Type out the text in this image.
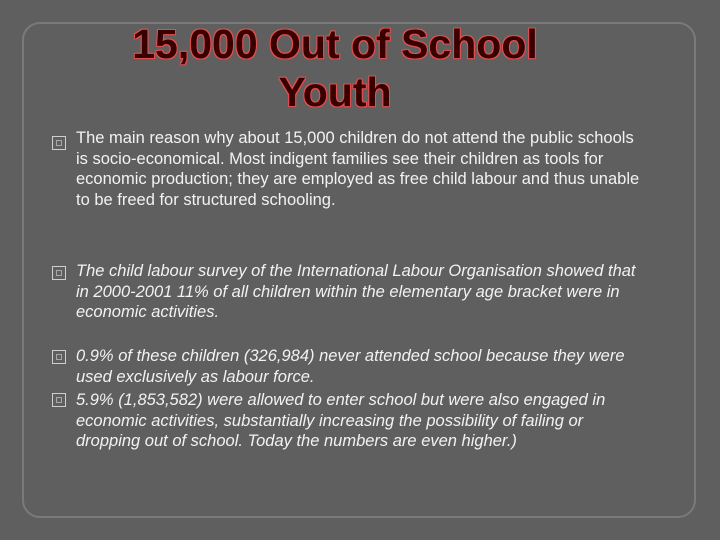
15,000 Out of School
Youth
The main reason why about 15,000 children do not attend the public schools is socio-economical. Most indigent families see their children as tools for economic production; they are employed as free child labour and thus unable to be freed for structured schooling.
The child labour survey of the International Labour Organisation showed that in 2000-2001 11% of all children within the elementary age bracket were in economic activities.
0.9% of these children (326,984) never attended school because they were used exclusively as labour force.
5.9% (1,853,582) were allowed to enter school but were also engaged in economic activities, substantially increasing the possibility of failing or dropping out of school. Today the numbers are even higher.)
